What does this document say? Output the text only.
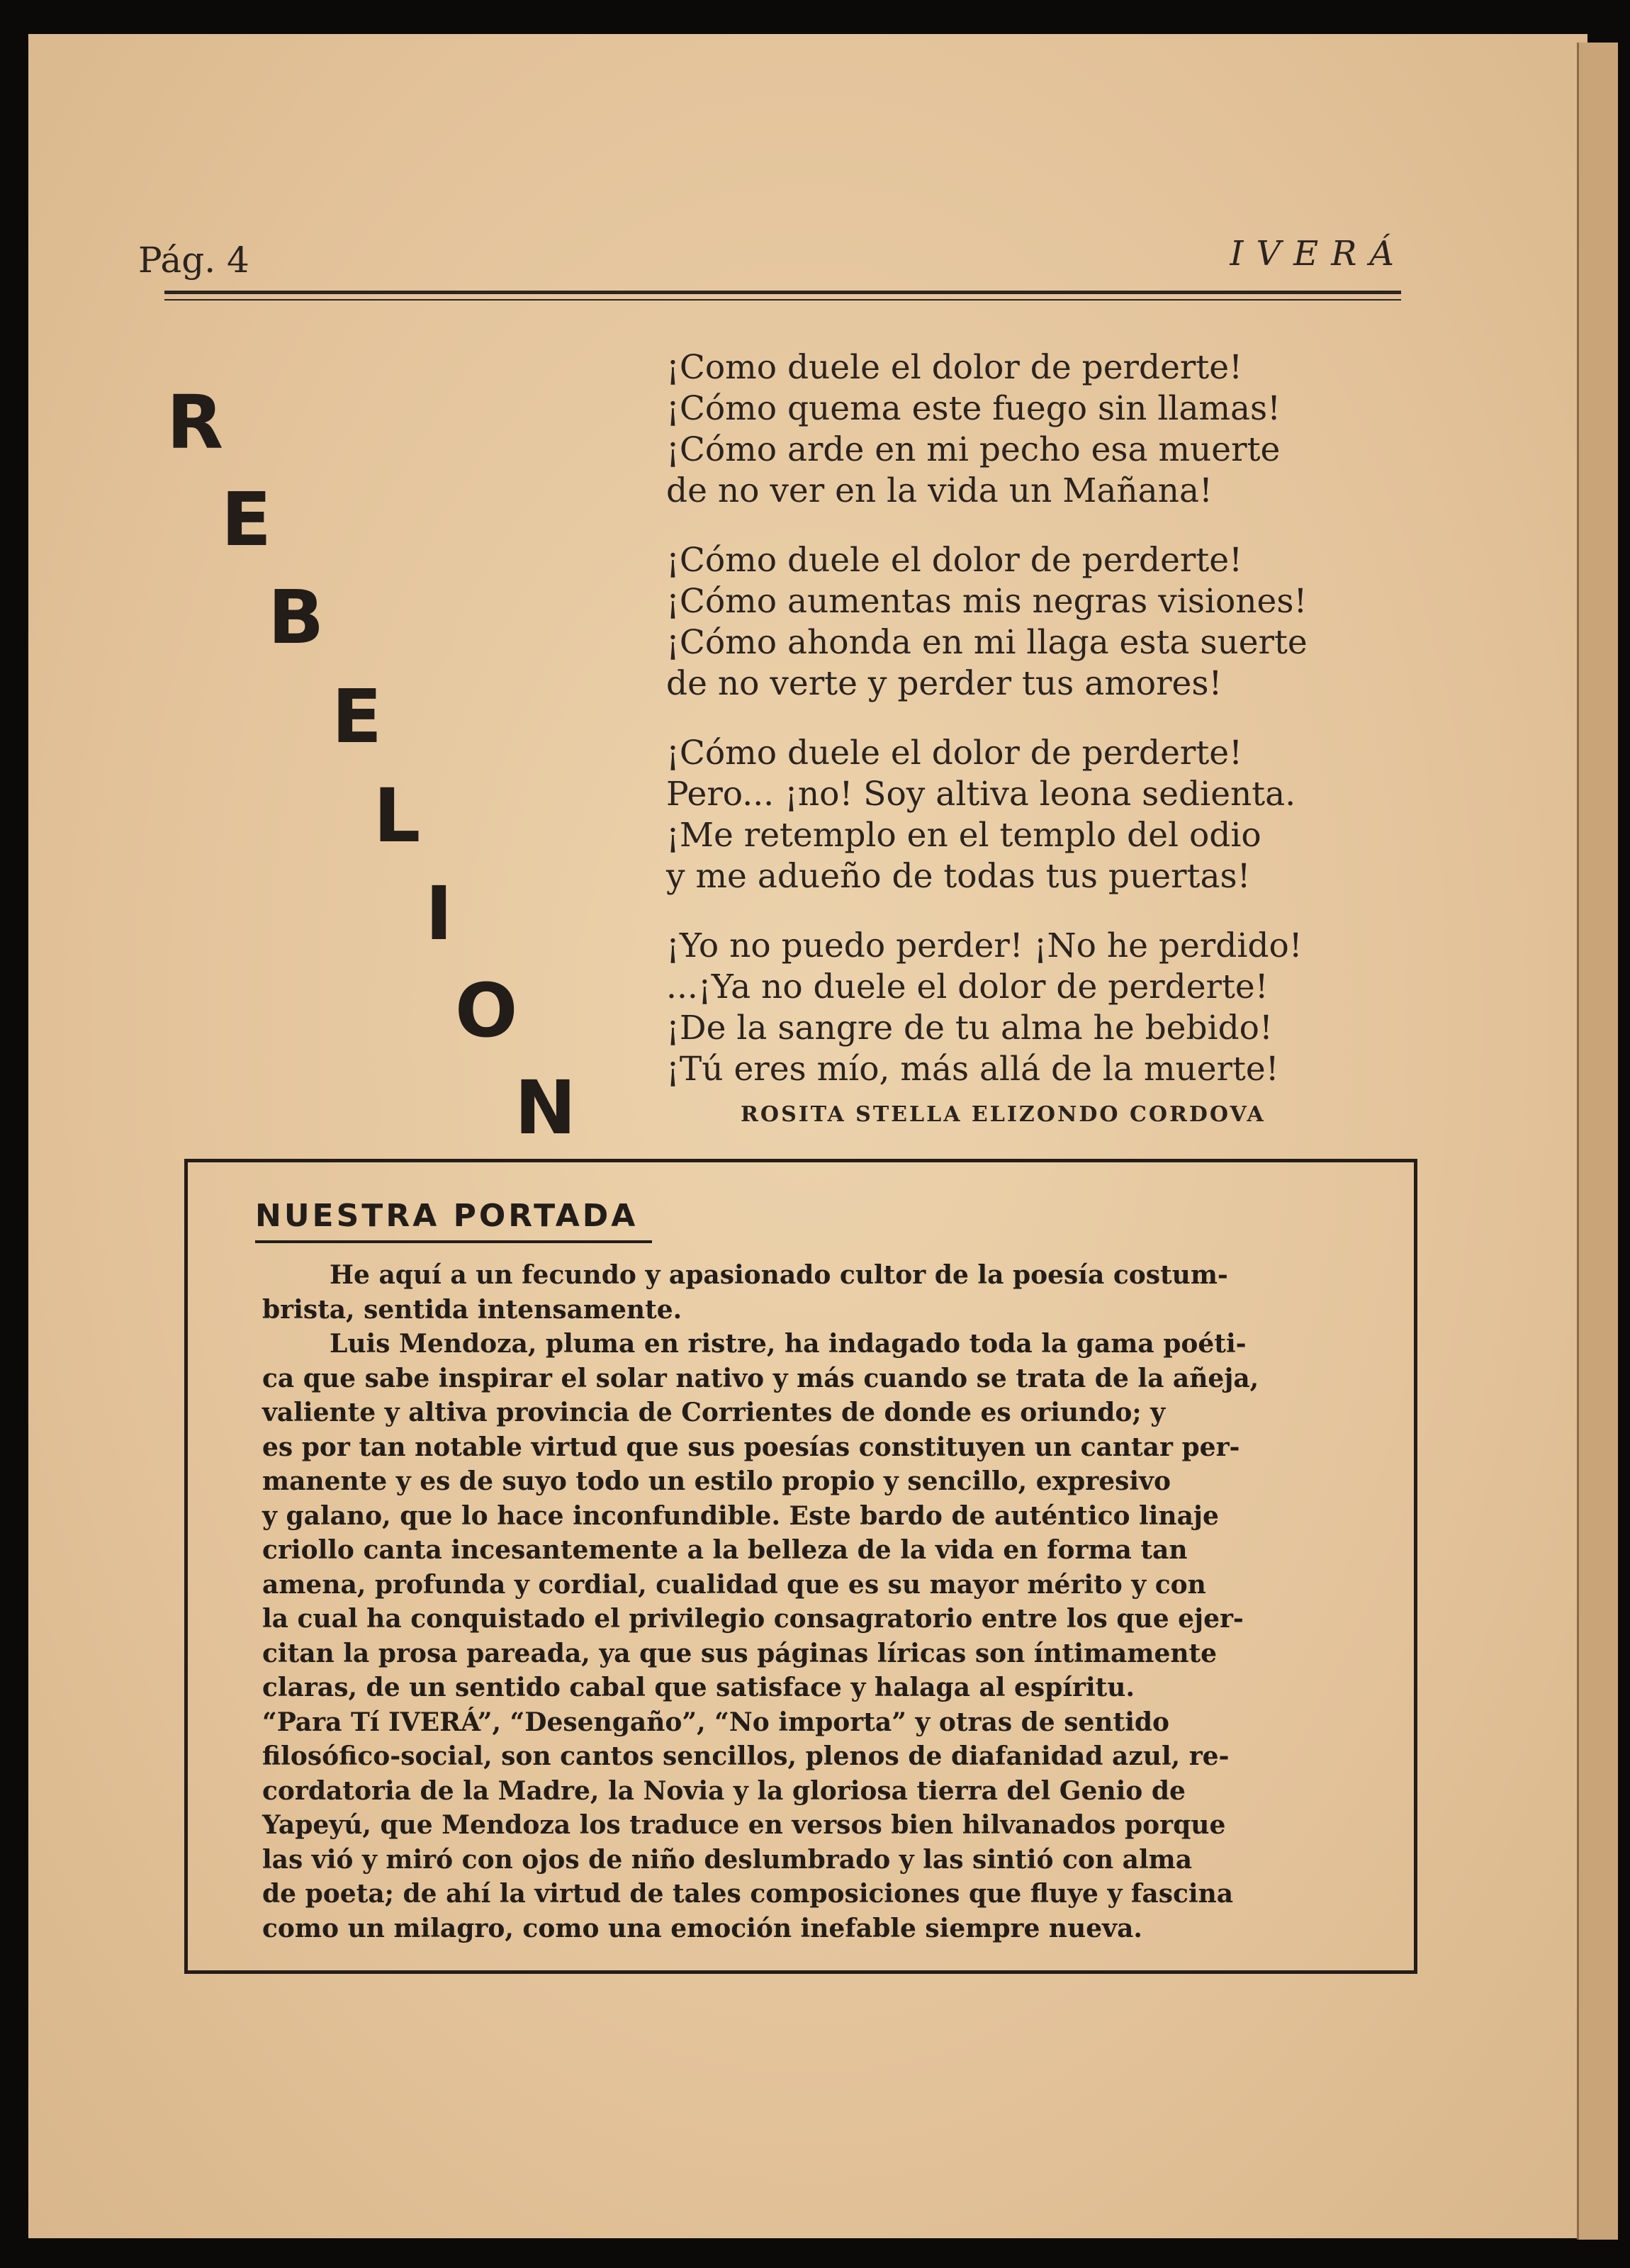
Pág. 4	IVERÁ
R
E
B
E
L
I
O
N
¡Como duele el dolor de perderte!
¡Cómo quema este fuego sin llamas!
¡Cómo arde en mi pecho esa muerte
de no ver en la vida un Mañana!
¡Cómo duele el dolor de perderte!
¡Cómo aumentas mis negras visiones!
¡Cómo ahonda en mi llaga esta suerte
de no verte y perder tus amores!
¡Cómo duele el dolor de perderte!
Pero... ¡no! Soy altiva leona sedienta.
¡Me retemplo en el templo del odio
y me adueño de todas tus puertas!
¡Yo no puedo perder! ¡No he perdido!
...¡Ya no duele el dolor de perderte!
¡De la sangre de tu alma he bebido!
¡Tú eres mío, más allá de la muerte!
ROSITA STELLA ELIZONDO CORDOVA
NUESTRA PORTADA
He aquí a un fecundo y apasionado cultor de la poesía costum-
brista, sentida intensamente.
Luis Mendoza, pluma en ristre, ha indagado toda la gama poéti-
ca que sabe inspirar el solar nativo y más cuando se trata de la añeja,
valiente y altiva provincia de Corrientes de donde es oriundo; y
es por tan notable virtud que sus poesías constituyen un cantar per-
manente y es de suyo todo un estilo propio y sencillo, expresivo
y galano, que lo hace inconfundible. Este bardo de auténtico linaje
criollo canta incesantemente a la belleza de la vida en forma tan
amena, profunda y cordial, cualidad que es su mayor mérito y con
la cual ha conquistado el privilegio consagratorio entre los que ejer-
citan la prosa pareada, ya que sus páginas líricas son íntimamente
claras, de un sentido cabal que satisface y halaga al espíritu.
“Para Tí IVERÁ”, “Desengaño”, “No importa” y otras de sentido
filosófico-social, son cantos sencillos, plenos de diafanidad azul, re-
cordatoria de la Madre, la Novia y la gloriosa tierra del Genio de
Yapeyú, que Mendoza los traduce en versos bien hilvanados porque
las vió y miró con ojos de niño deslumbrado y las sintió con alma
de poeta; de ahí la virtud de tales composiciones que fluye y fascina
como un milagro, como una emoción inefable siempre nueva.
